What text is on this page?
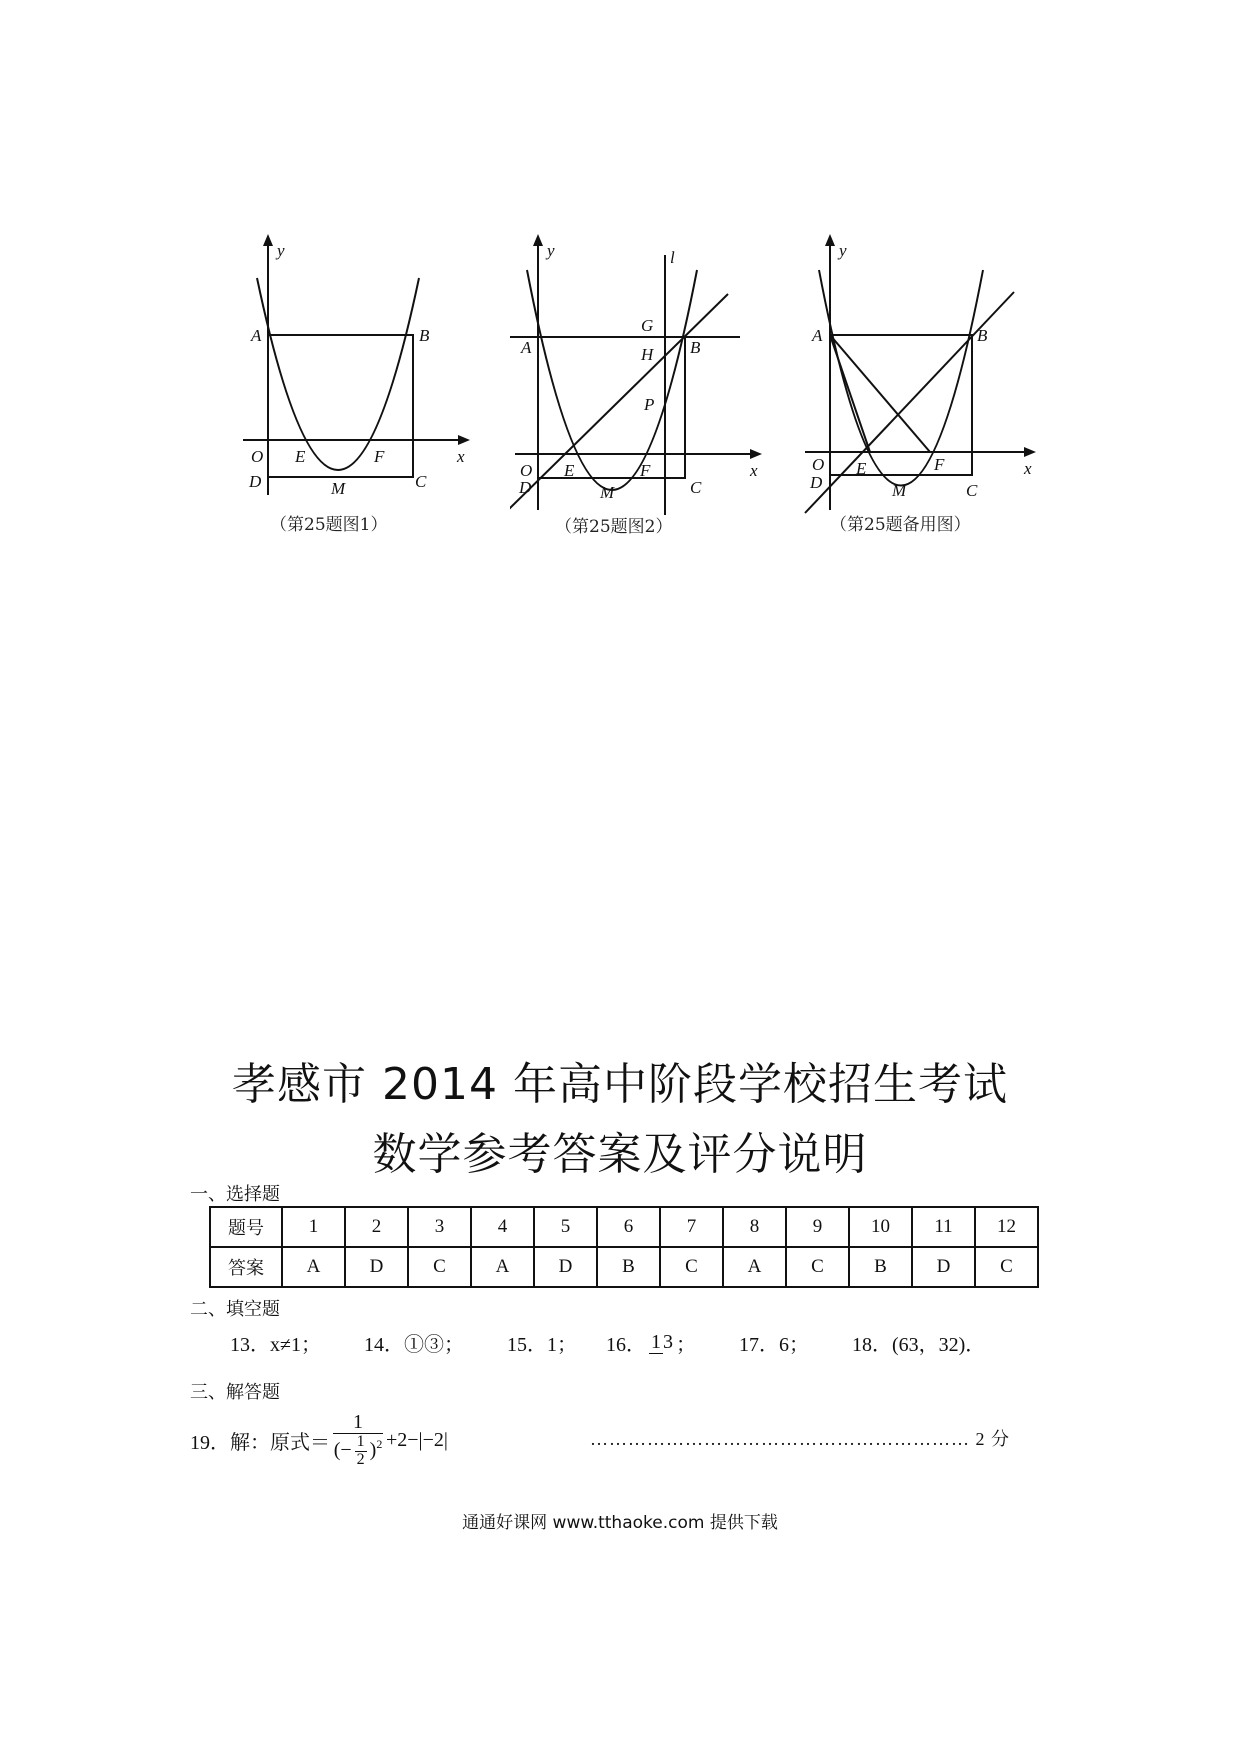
y
x
A	B
O E	F
D	M	C
（第25题图1）
y	l
x
A
G
H B
P
O E	F
D	M	C
（第25题图2）
y
x
A	B
O E	F
D	M	C
（第25题备用图）
孝感市 2014 年高中阶段学校招生考试
数学参考答案及评分说明
一、选择题
题号	1	2	3	4	5	6	7	8	9	10	11	12
答案	A	D	C	A	D	B	C	A	C	B	D	C
二、填空题
13．x≠1； 14．①③； 15．1； 16． 1 3 ； 17．6； 18．(63，32)．
三、解答题
19．解：原式＝ $\frac{1}{(- \frac{1}{2} )^2} +2-|-2|$	…………………………………………………… 2 分
通通好课网 www.tthaoke.com 提供下载
